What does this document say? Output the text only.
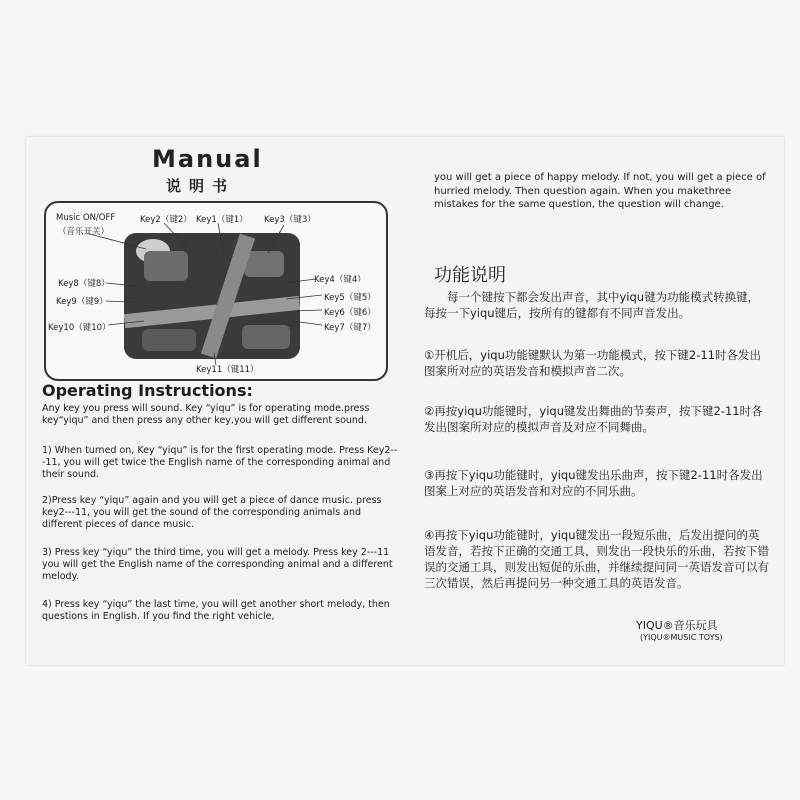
Manual
说明书
Music ON/OFF
（音乐开关）
Key2（键2） Key1（键1） Key3（键3）
Key4（键4）
Key5（键5）
Key6（键6）
Key7（键7）
Key8（键8）
Key9（键9）
Key10（键10）
Key11（键11）
Operating Instructions:
Any key you press will sound. Key “yiqu” is for operating mode.press key“yiqu” and then press any other key,you will get different sound.
1) When turned on, Key “yiqu” is for the first operating mode. Press Key2---11, you will get twice the English name of the corresponding animal and their sound.
2)Press key “yiqu” again and you will get a piece of dance music. press key2---11, you will get the sound of the corresponding animals and different pieces of dance music.
3) Press key “yiqu” the third time, you will get a melody. Press key 2---11 you will get the English name of the corresponding animal and a different melody.
4) Press key “yiqu” the last time, you will get another short melody, then questions in English. If you find the right vehicle,
you will get a piece of happy melody. If not, you will get a piece of hurried melody. Then question again. When you makethree mistakes for the same question, the question will change.
功能说明
每一个键按下都会发出声音，其中yiqu键为功能模式转换键，每按一下yiqu键后，按所有的键都有不同声音发出。
①开机后，yiqu功能键默认为第一功能模式，按下键2-11时各发出图案所对应的英语发音和模拟声音二次。
②再按yiqu功能键时，yiqu键发出舞曲的节奏声，按下键2-11时各发出图案所对应的模拟声音及对应不同舞曲。
③再按下yiqu功能键时，yiqu键发出乐曲声，按下键2-11时各发出图案上对应的英语发音和对应的不同乐曲。
④再按下yiqu功能键时，yiqu键发出一段短乐曲，后发出提问的英语发音，若按下正确的交通工具，则发出一段快乐的乐曲，若按下错误的交通工具，则发出短促的乐曲，并继续提问同一英语发音可以有三次错误，然后再提问另一种交通工具的英语发音。
YIQU®音乐玩具
(YIQU®MUSIC TOYS)
